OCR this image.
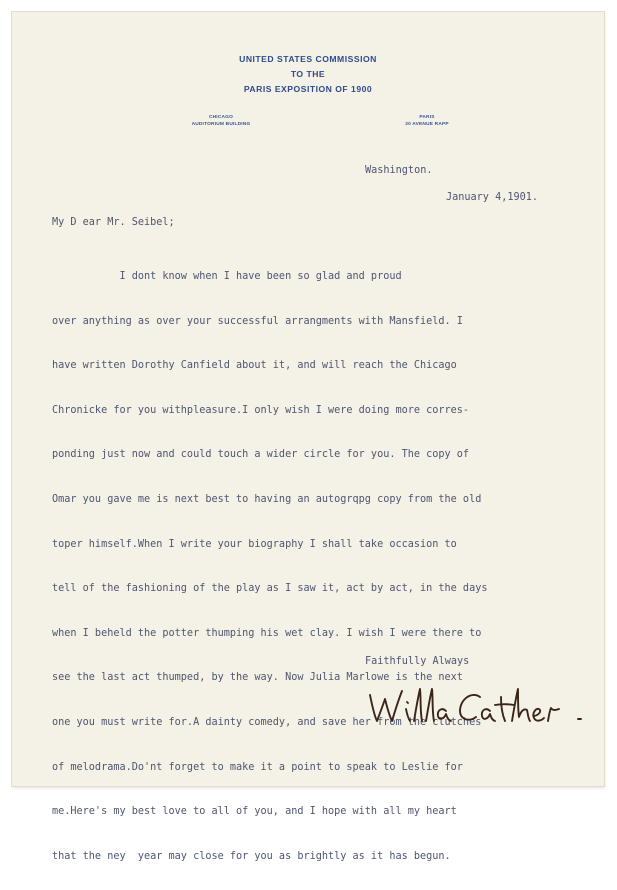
UNITED STATES COMMISSION
TO THE
PARIS EXPOSITION OF 1900
CHICAGO
AUDITORIUM BUILDING
PARIS
20 AVENUE RAPP
Washington.
January 4,1901.
My D ear Mr. Seibel;

I dont know when I have been so glad and proud

over anything as over your successful arrangments with Mansfield. I

have written Dorothy Canfield about it, and will reach the Chicago

Chronicke for you withpleasure.I only wish I were doing more corres-

ponding just now and could touch a wider circle for you. The copy of

Omar you gave me is next best to having an autogrqpg copy from the old

toper himself.When I write your biography I shall take occasion to

tell of the fashioning of the play as I saw it, act by act, in the days

when I beheld the potter thumping his wet clay. I wish I were there to

see the last act thumped, by the way. Now Julia Marlowe is the next

one you must write for.A dainty comedy, and save her from the clutches

of melodrama.Do'nt forget to make it a point to speak to Leslie for

me.Here's my best love to all of you, and I hope with all my heart

that the ney  year may close for you as brightly as it has begun.

Faithfully Always
